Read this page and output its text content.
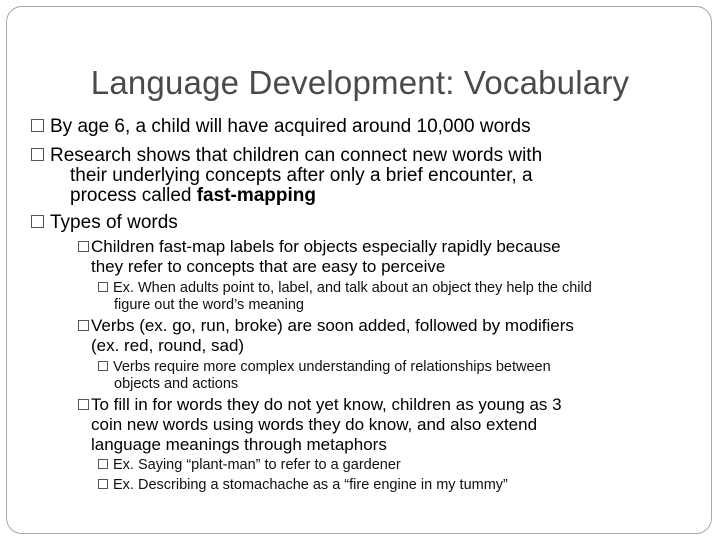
Language Development: Vocabulary
By age 6, a child will have acquired around 10,000 words
Research shows that children can connect new words with
their underlying concepts after only a brief encounter, a
process called fast-mapping
Types of words
Children fast-map labels for objects especially rapidly because
they refer to concepts that are easy to perceive
Ex. When adults point to, label, and talk about an object they help the child
figure out the word’s meaning
Verbs (ex. go, run, broke) are soon added, followed by modifiers
(ex. red, round, sad)
Verbs require more complex understanding of relationships between
objects and actions
To fill in for words they do not yet know, children as young as 3
coin new words using words they do know, and also extend
language meanings through metaphors
Ex. Saying “plant-man” to refer to a gardener
Ex. Describing a stomachache as a “fire engine in my tummy”
